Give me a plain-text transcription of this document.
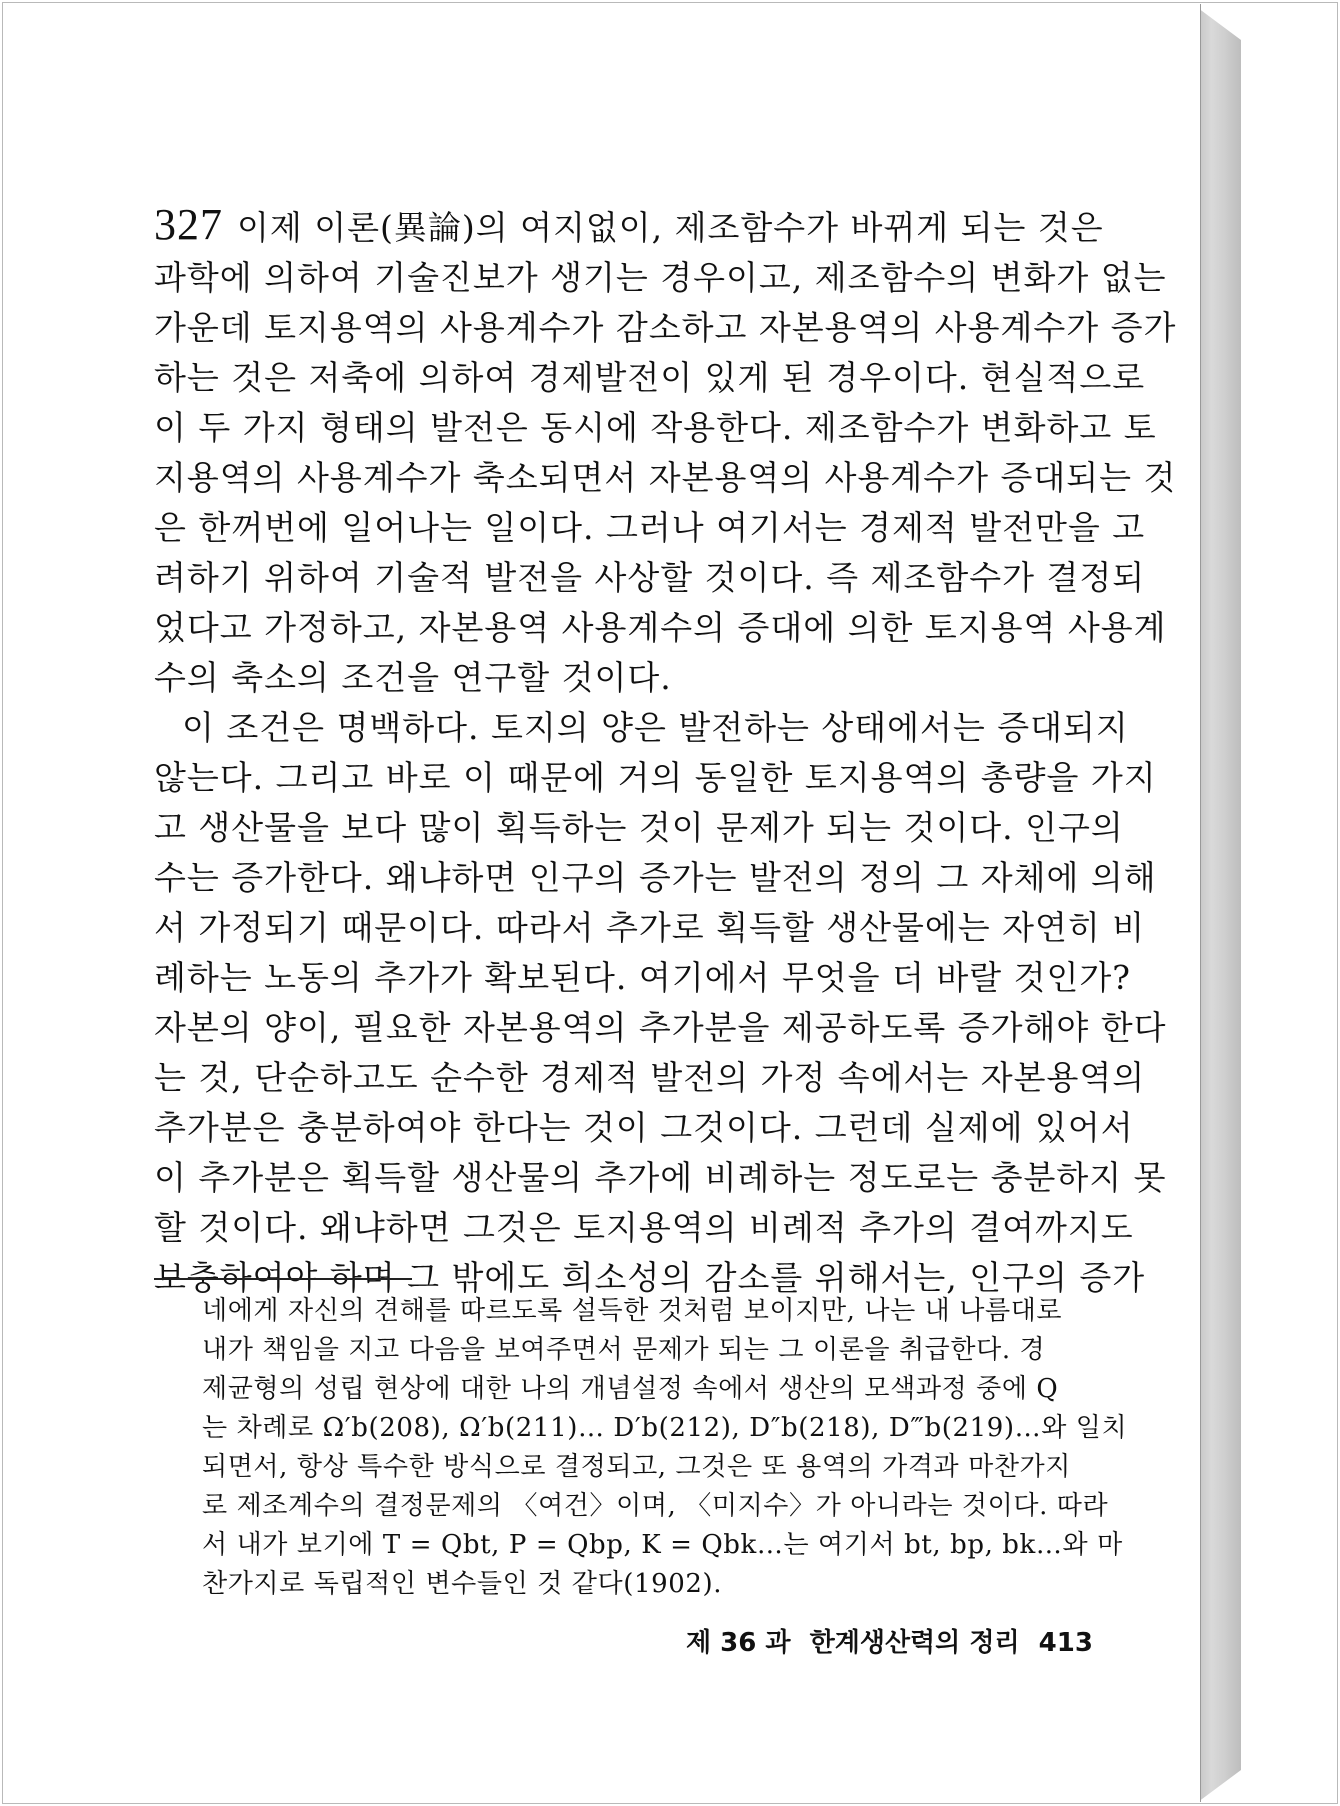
327 이제 이론(異論)의 여지없이, 제조함수가 바뀌게 되는 것은
과학에 의하여 기술진보가 생기는 경우이고, 제조함수의 변화가 없는
가운데 토지용역의 사용계수가 감소하고 자본용역의 사용계수가 증가
하는 것은 저축에 의하여 경제발전이 있게 된 경우이다. 현실적으로
이 두 가지 형태의 발전은 동시에 작용한다. 제조함수가 변화하고 토
지용역의 사용계수가 축소되면서 자본용역의 사용계수가 증대되는 것
은 한꺼번에 일어나는 일이다. 그러나 여기서는 경제적 발전만을 고
려하기 위하여 기술적 발전을 사상할 것이다. 즉 제조함수가 결정되
었다고 가정하고, 자본용역 사용계수의 증대에 의한 토지용역 사용계
수의 축소의 조건을 연구할 것이다.
이 조건은 명백하다. 토지의 양은 발전하는 상태에서는 증대되지
않는다. 그리고 바로 이 때문에 거의 동일한 토지용역의 총량을 가지
고 생산물을 보다 많이 획득하는 것이 문제가 되는 것이다. 인구의
수는 증가한다. 왜냐하면 인구의 증가는 발전의 정의 그 자체에 의해
서 가정되기 때문이다. 따라서 추가로 획득할 생산물에는 자연히 비
례하는 노동의 추가가 확보된다. 여기에서 무엇을 더 바랄 것인가?
자본의 양이, 필요한 자본용역의 추가분을 제공하도록 증가해야 한다
는 것, 단순하고도 순수한 경제적 발전의 가정 속에서는 자본용역의
추가분은 충분하여야 한다는 것이 그것이다. 그런데 실제에 있어서
이 추가분은 획득할 생산물의 추가에 비례하는 정도로는 충분하지 못
할 것이다. 왜냐하면 그것은 토지용역의 비례적 추가의 결여까지도
보충하여야 하며 그 밖에도 희소성의 감소를 위해서는, 인구의 증가
네에게 자신의 견해를 따르도록 설득한 것처럼 보이지만, 나는 내 나름대로
내가 책임을 지고 다음을 보여주면서 문제가 되는 그 이론을 취급한다. 경
제균형의 성립 현상에 대한 나의 개념설정 속에서 생산의 모색과정 중에 Q
는 차례로 Ω′b(208), Ω′b(211)… D′b(212), D″b(218), D‴b(219)…와 일치
되면서, 항상 특수한 방식으로 결정되고, 그것은 또 용역의 가격과 마찬가지
로 제조계수의 결정문제의 〈여건〉이며, 〈미지수〉가 아니라는 것이다. 따라
서 내가 보기에 T = Qbt, P = Qbp, K = Qbk…는 여기서 bt, bp, bk…와 마
찬가지로 독립적인 변수들인 것 같다(1902).
제 36 과 한계생산력의 정리 413
